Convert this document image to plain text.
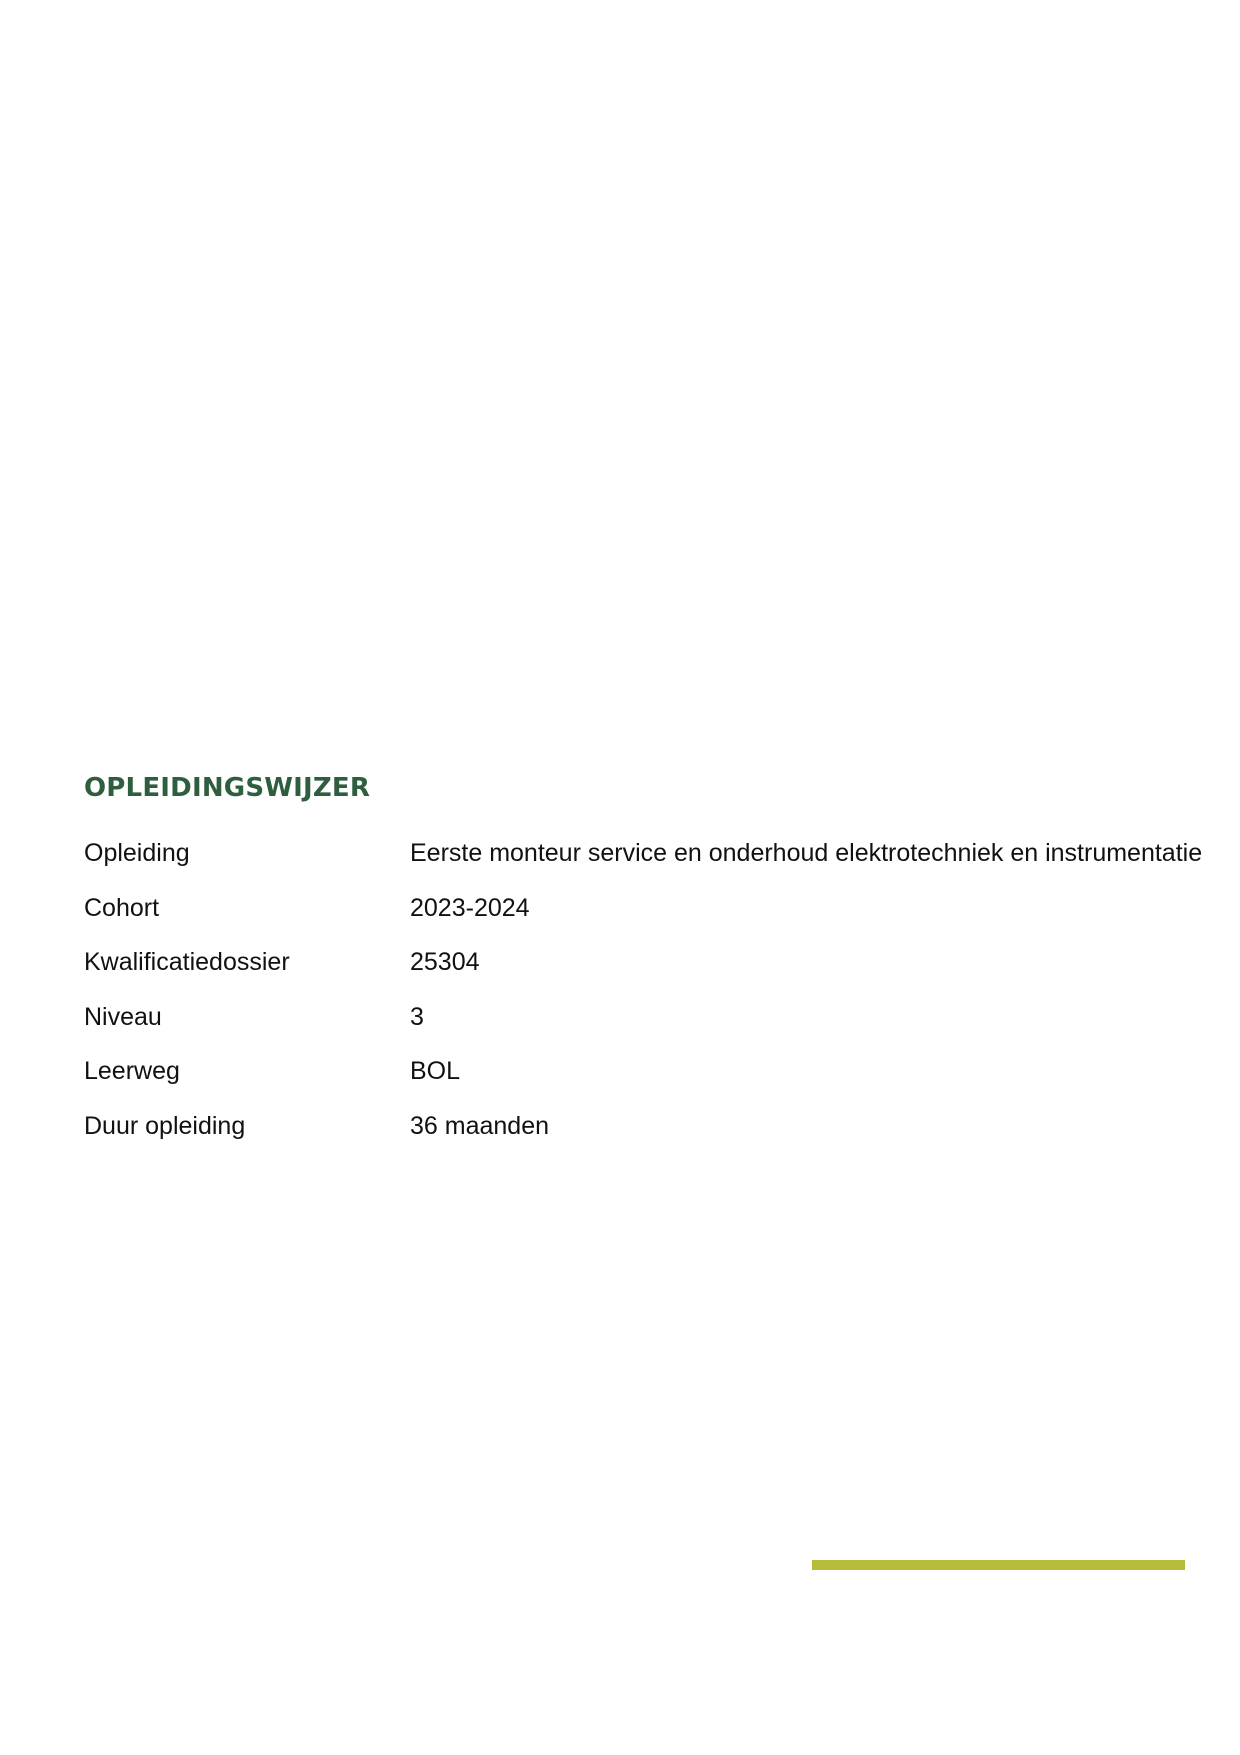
OPLEIDINGSWIJZER
Opleiding	Eerste monteur service en onderhoud elektrotechniek en instrumentatie
Cohort	2023-2024
Kwalificatiedossier	25304
Niveau	3
Leerweg	BOL
Duur opleiding	36 maanden
